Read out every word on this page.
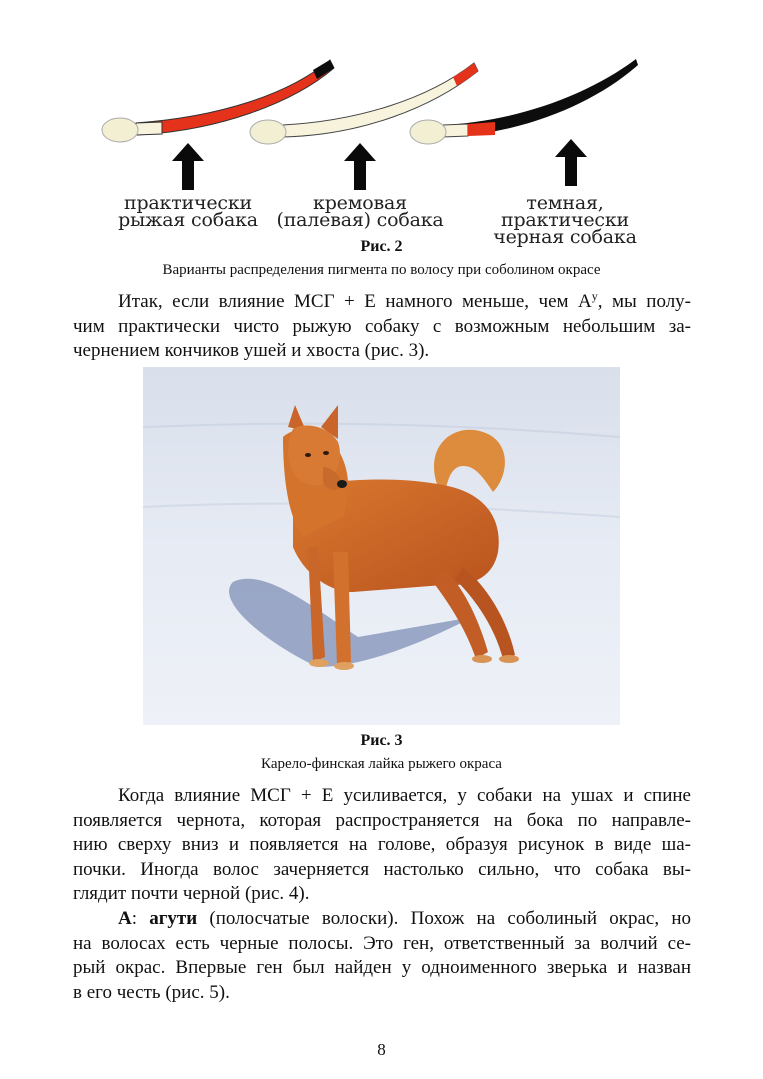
практически
рыжая собака
кремовая
(палевая) собака
темная, практически
черная собака
Рис. 2
Варианты распределения пигмента по волосу при соболином окрасе
Итак, если влияние МСГ + Е намного меньше, чем $А^у$, мы полу-
чим практически чисто рыжую собаку с возможным небольшим за-
чернением кончиков ушей и хвоста (рис. 3).
Рис. 3
Карело-финская лайка рыжего окраса
Когда влияние МСГ + Е усиливается, у собаки на ушах и спине
появляется чернота, которая распространяется на бока по направле-
нию сверху вниз и появляется на голове, образуя рисунок в виде ша-
почки. Иногда волос зачерняется настолько сильно, что собака вы-
глядит почти черной (рис. 4).
А: агути (полосчатые волоски). Похож на соболиный окрас, но
на волосах есть черные полосы. Это ген, ответственный за волчий се-
рый окрас. Впервые ген был найден у одноименного зверька и назван
в его честь (рис. 5).
8
